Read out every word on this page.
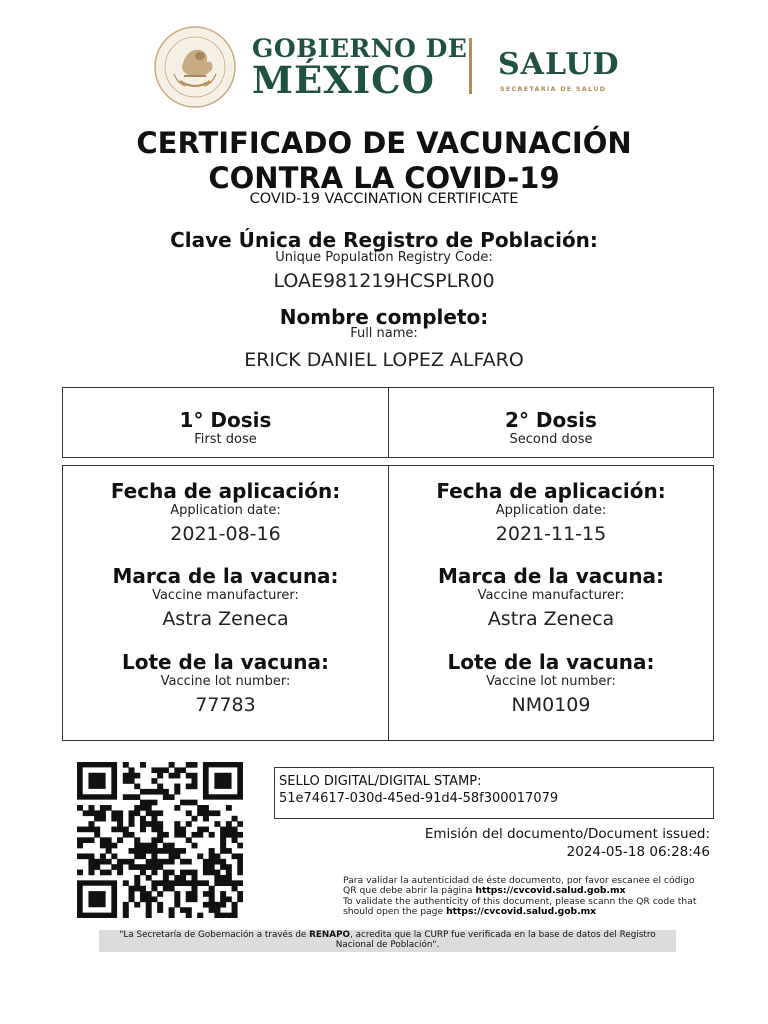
GOBIERNO DE
MÉXICO SALUD
SECRETARÍA DE SALUD
CERTIFICADO DE VACUNACIÓN
CONTRA LA COVID-19
COVID-19 VACCINATION CERTIFICATE
Clave Única de Registro de Población:
Unique Population Registry Code:
LOAE981219HCSPLR00
Nombre completo:
Full name:
ERICK DANIEL LOPEZ ALFARO
1° Dosis
First dose
2° Dosis
Second dose
Fecha de aplicación:
Application date:
2021-08-16
Marca de la vacuna:
Vaccine manufacturer:
Astra Zeneca
Lote de la vacuna:
Vaccine lot number:
77783
Fecha de aplicación:
Application date:
2021-11-15
Marca de la vacuna:
Vaccine manufacturer:
Astra Zeneca
Lote de la vacuna:
Vaccine lot number:
NM0109
SELLO DIGITAL/DIGITAL STAMP:
51e74617-030d-45ed-91d4-58f300017079
Emisión del documento/Document issued:
2024-05-18 06:28:46
Para validar la autenticidad de éste documento, por favor escanee el código QR que debe abrir la página https://cvcovid.salud.gob.mx
To validate the authenticity of this document, please scann the QR code that should open the page https://cvcovid.salud.gob.mx
"La Secretaría de Gobernación a través de RENAPO, acredita que la CURP fue verificada en la base de datos del Registro Nacional de Población".
